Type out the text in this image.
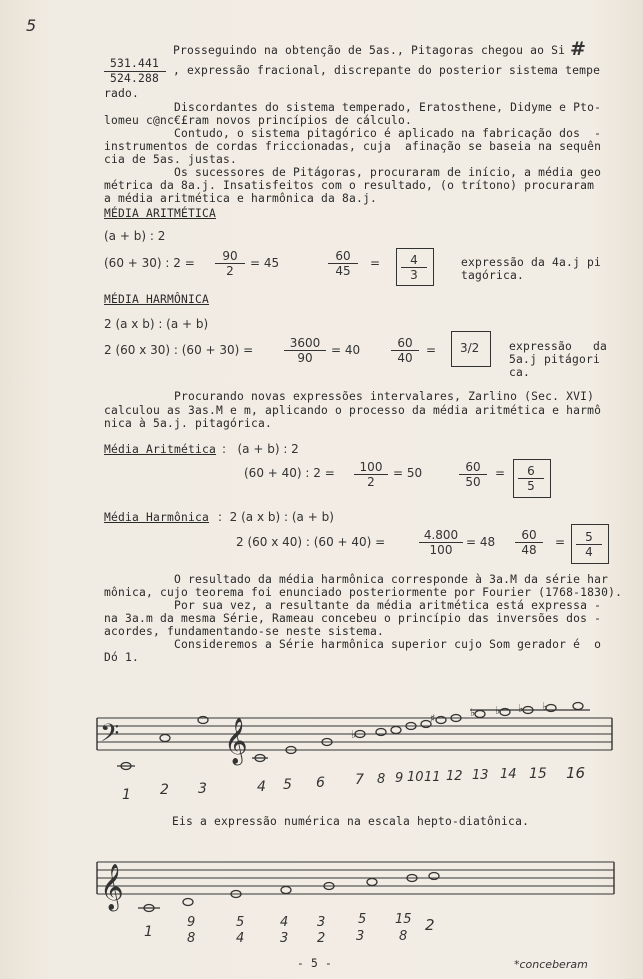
5
Prosseguindo na obtenção de 5as., Pitagoras chegou ao Si #
531.441
524.288
, expressão fracional, discrepante do posterior sistema tempe
rado.
Discordantes do sistema temperado, Eratosthene, Didyme e Pto-
lomeu c@nc€£ram novos princípios de cálculo.
Contudo, o sistema pitagórico é aplicado na fabricação dos  -
instrumentos de cordas friccionadas, cuja  afinação se baseia na sequên
cia de 5as. justas.
Os sucessores de Pitágoras, procuraram de início, a média geo
métrica da 8a.j. Insatisfeitos com o resultado, (o trítono) procuraram
a média aritmética e harmônica da 8a.j.
MÉDIA ARITMÉTICA
(a + b) : 2
(60 + 30) : $2 = \frac{90}{2} = 45$	$\frac{60}{45} = \frac{4}{3}$	expressão da 4a.j pi
tagórica.
MÉDIA HARMÔNICA
2 (a x b) : (a + b)
2 (60 x 30) : (60 + 30) =	$\frac{3600}{90} = 40$	$\frac{60}{40} = 3/2$	expressão   da
5a.j pitágori
ca.
Procurando novas expressões intervalares, Zarlino (Sec. XVI)
calculou as 3as.M e m, aplicando o processo da média aritmética e harmô
nica à 5a.j. pitagórica.
Média Aritmética :   (a + b) : 2
(60 + 40) : $2 = \frac{100}{2} = 50$	$\frac{60}{50} = \frac{6}{5}$
Média Harmônica :  2 (a x b) : (a + b)
2 (60 x 40) : (60 + 40) =	$\frac{4.800}{100} = 48 \frac{60}{48} = \frac{5}{4}$
O resultado da média harmônica corresponde à 3a.M da série har
mônica, cujo teorema foi enunciado posteriormente por Fourier (1768-1830).
Por sua vez, a resultante da média aritmética está expressa -
na 3a.m da mesma Série, Rameau concebeu o princípio das inversões dos -
acordes, fundamentando-se neste sistema.
Consideremos a Série harmônica superior cujo Som gerador é  o
Dó 1.
𝄢	𝄞	♭
♯	♭ ♭ ♭ ♭
1 2 3	4 5 6 7 8 9 10 11 12 13 14 15 16
Eis a expressão numérica na escala hepto-diatônica.
𝄞
1
9
8
5
4
4
3
3
2
5
3
15
8
2
- 5 -	*conceberam
